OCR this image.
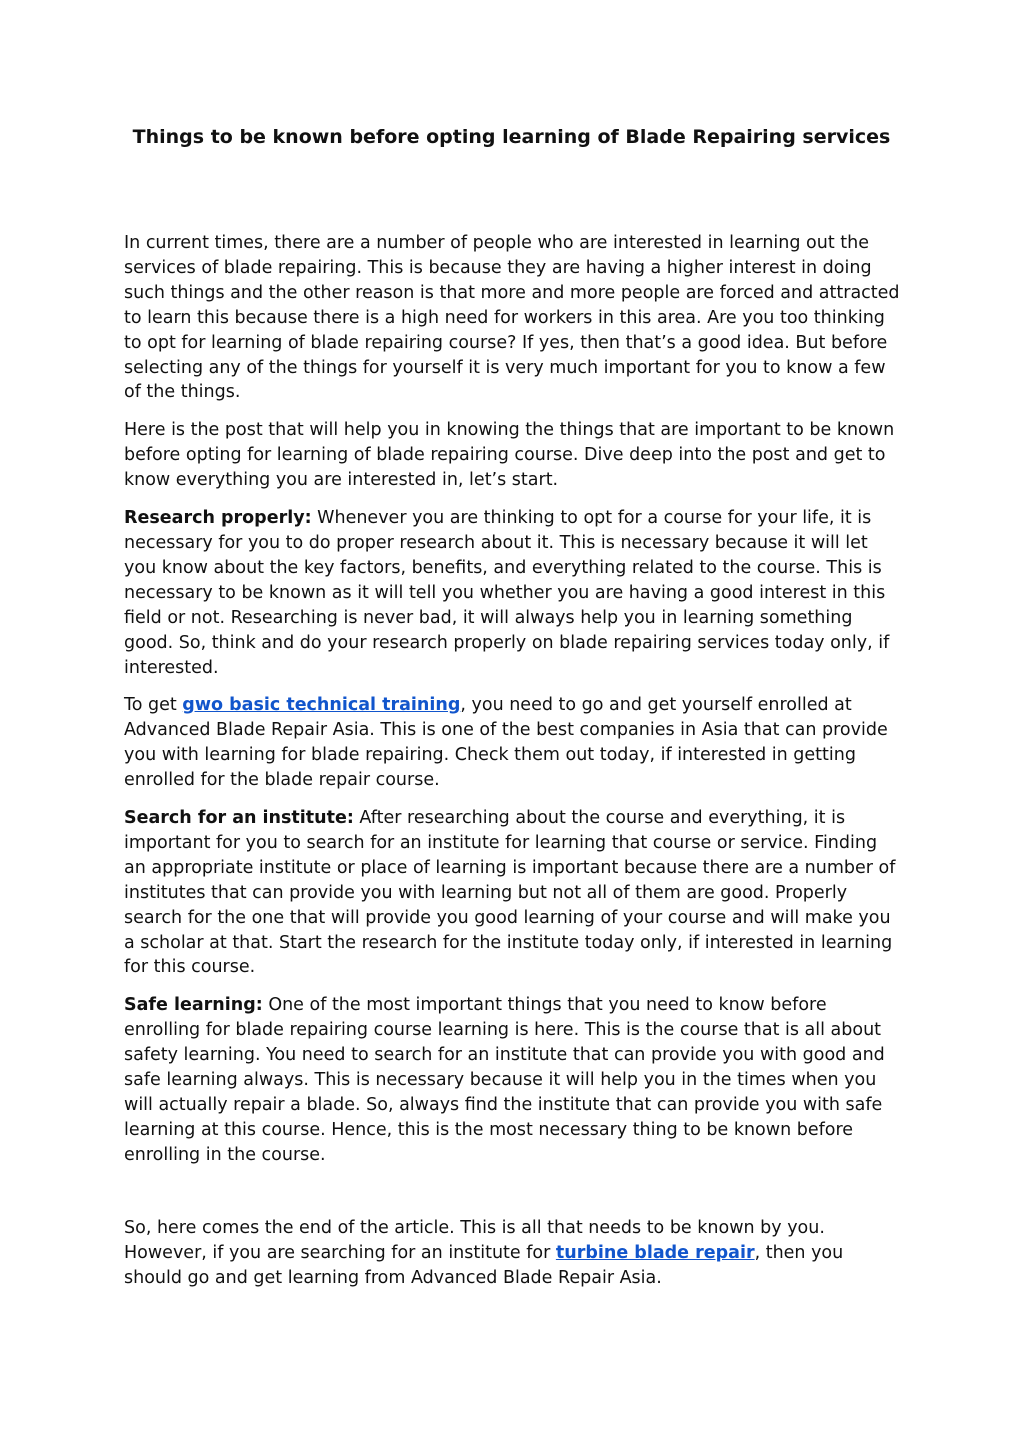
Things to be known before opting learning of Blade Repairing services

In current times, there are a number of people who are interested in learning out the services of blade repairing. This is because they are having a higher interest in doing such things and the other reason is that more and more people are forced and attracted to learn this because there is a high need for workers in this area. Are you too thinking to opt for learning of blade repairing course? If yes, then that’s a good idea. But before selecting any of the things for yourself it is very much important for you to know a few of the things.

Here is the post that will help you in knowing the things that are important to be known before opting for learning of blade repairing course. Dive deep into the post and get to know everything you are interested in, let’s start.

Research properly: Whenever you are thinking to opt for a course for your life, it is necessary for you to do proper research about it. This is necessary because it will let you know about the key factors, benefits, and everything related to the course. This is necessary to be known as it will tell you whether you are having a good interest in this field or not. Researching is never bad, it will always help you in learning something good. So, think and do your research properly on blade repairing services today only, if interested.

To get gwo basic technical training, you need to go and get yourself enrolled at Advanced Blade Repair Asia. This is one of the best companies in Asia that can provide you with learning for blade repairing. Check them out today, if interested in getting enrolled for the blade repair course.

Search for an institute: After researching about the course and everything, it is important for you to search for an institute for learning that course or service. Finding an appropriate institute or place of learning is important because there are a number of institutes that can provide you with learning but not all of them are good. Properly search for the one that will provide you good learning of your course and will make you a scholar at that. Start the research for the institute today only, if interested in learning for this course.

Safe learning: One of the most important things that you need to know before enrolling for blade repairing course learning is here. This is the course that is all about safety learning. You need to search for an institute that can provide you with good and safe learning always. This is necessary because it will help you in the times when you will actually repair a blade. So, always find the institute that can provide you with safe learning at this course. Hence, this is the most necessary thing to be known before enrolling in the course.

So, here comes the end of the article. This is all that needs to be known by you. However, if you are searching for an institute for turbine blade repair, then you should go and get learning from Advanced Blade Repair Asia.
